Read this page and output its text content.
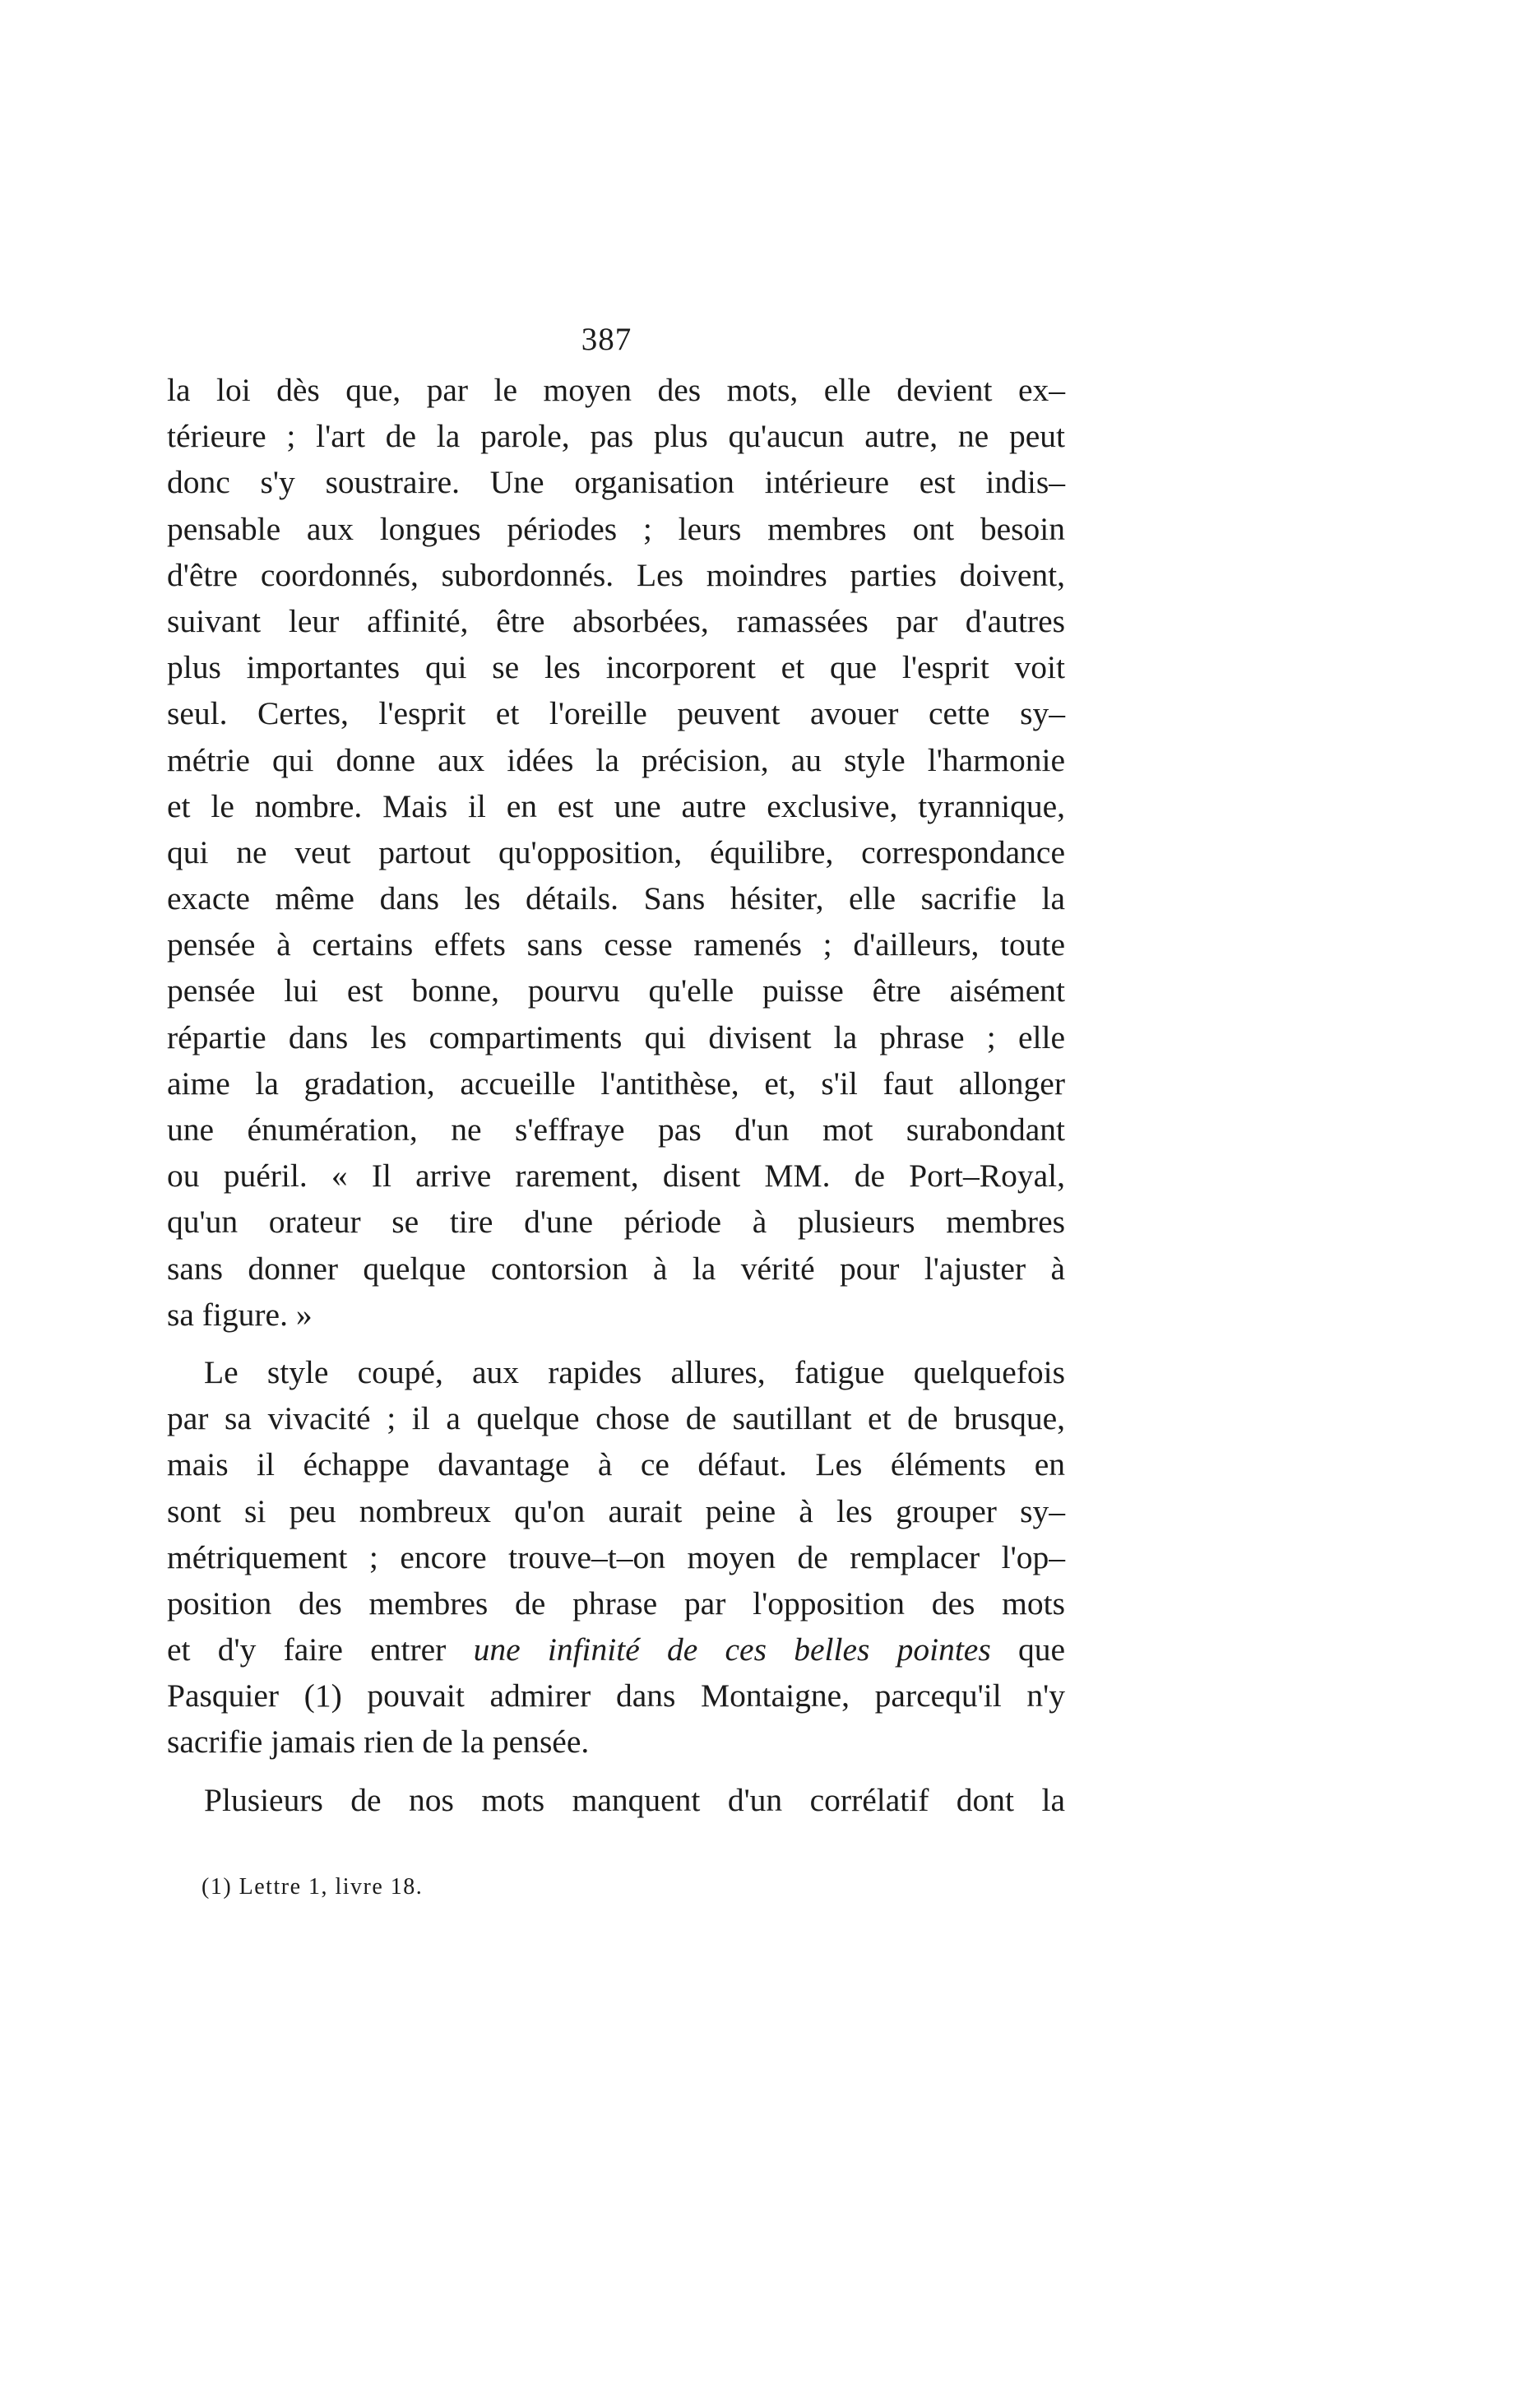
387
la loi dès que, par le moyen des mots, elle devient ex–
térieure ; l'art de la parole, pas plus qu'aucun autre, ne peut
donc s'y soustraire. Une organisation intérieure est indis–
pensable aux longues périodes ; leurs membres ont besoin
d'être coordonnés, subordonnés. Les moindres parties doivent,
suivant leur affinité, être absorbées, ramassées par d'autres
plus importantes qui se les incorporent et que l'esprit voit
seul. Certes, l'esprit et l'oreille peuvent avouer cette sy–
métrie qui donne aux idées la précision, au style l'harmonie
et le nombre. Mais il en est une autre exclusive, tyrannique,
qui ne veut partout qu'opposition, équilibre, correspondance
exacte même dans les détails. Sans hésiter, elle sacrifie la
pensée à certains effets sans cesse ramenés ; d'ailleurs, toute
pensée lui est bonne, pourvu qu'elle puisse être aisément
répartie dans les compartiments qui divisent la phrase ; elle
aime la gradation, accueille l'antithèse, et, s'il faut allonger
une énumération, ne s'effraye pas d'un mot surabondant
ou puéril. « Il arrive rarement, disent MM. de Port–Royal,
qu'un orateur se tire d'une période à plusieurs membres
sans donner quelque contorsion à la vérité pour l'ajuster à
sa figure. »
Le style coupé, aux rapides allures, fatigue quelquefois
par sa vivacité ; il a quelque chose de sautillant et de brusque,
mais il échappe davantage à ce défaut. Les éléments en
sont si peu nombreux qu'on aurait peine à les grouper sy–
métriquement ; encore trouve–t–on moyen de remplacer l'op–
position des membres de phrase par l'opposition des mots
et d'y faire entrer une infinité de ces belles pointes que
Pasquier (1) pouvait admirer dans Montaigne, parcequ'il n'y
sacrifie jamais rien de la pensée.
Plusieurs de nos mots manquent d'un corrélatif dont la
(1) Lettre 1, livre 18.
